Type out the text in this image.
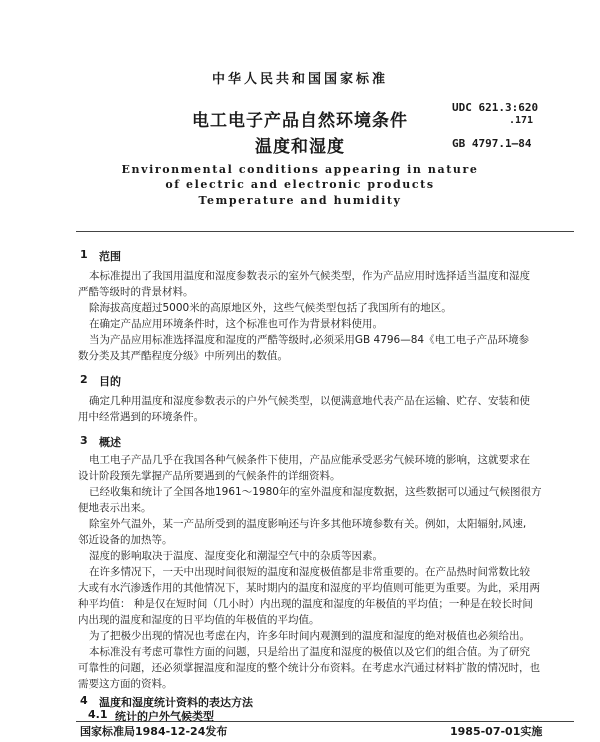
中华人民共和国国家标准
电工电子产品自然环境条件
温度和湿度
UDC 621.3:620
.171
GB 4797.1—84
Environmental conditions appearing in nature
of electric and electronic products
Temperature and humidity
1 范围
本标准提出了我国用温度和湿度参数表示的室外气候类型，作为产品应用时选择适当温度和湿度
严酷等级时的背景材料。
除海拔高度超过5000米的高原地区外，这些气候类型包括了我国所有的地区。
在确定产品应用环境条件时，这个标准也可作为背景材料使用。
当为产品应用标准选择温度和湿度的严酷等级时,必须采用GB 4796—84《电工电子产品环境参
数分类及其严酷程度分级》中所列出的数值。
2 目的
确定几种用温度和湿度参数表示的户外气候类型，以便满意地代表产品在运输、贮存、安装和使
用中经常遇到的环境条件。
3 概述
电工电子产品几乎在我国各种气候条件下使用，产品应能承受恶劣气候环境的影响，这就要求在
设计阶段预先掌握产品所要遇到的气候条件的详细资料。
已经收集和统计了全国各地1961～1980年的室外温度和湿度数据，这些数据可以通过气候图很方
便地表示出来。
除室外气温外，某一产品所受到的温度影响还与许多其他环境参数有关。例如，太阳辐射,风速,
邻近设备的加热等。
湿度的影响取决于温度、湿度变化和潮湿空气中的杂质等因素。
在许多情况下，一天中出现时间很短的温度和湿度极值都是非常重要的。在产品热时间常数比较
大或有水汽渗透作用的其他情况下，某时期内的温度和湿度的平均值则可能更为重要。为此，采用两
种平均值： 种是仅在短时间（几小时）内出现的温度和湿度的年极值的平均值；一种是在较长时间
内出现的温度和湿度的日平均值的年极值的平均值。
为了把极少出现的情况也考虑在内，许多年时间内观测到的温度和湿度的绝对极值也必须给出。
本标准没有考虑可靠性方面的问题，只是给出了温度和湿度的极值以及它们的组合值。为了研究
可靠性的问题，还必须掌握温度和湿度的整个统计分布资料。在考虑水汽通过材料扩散的情况时，也
需要这方面的资料。
4 温度和湿度统计资料的表达方法
4.1 统计的户外气候类型
国家标准局1984-12-24发布	1985-07-01实施
